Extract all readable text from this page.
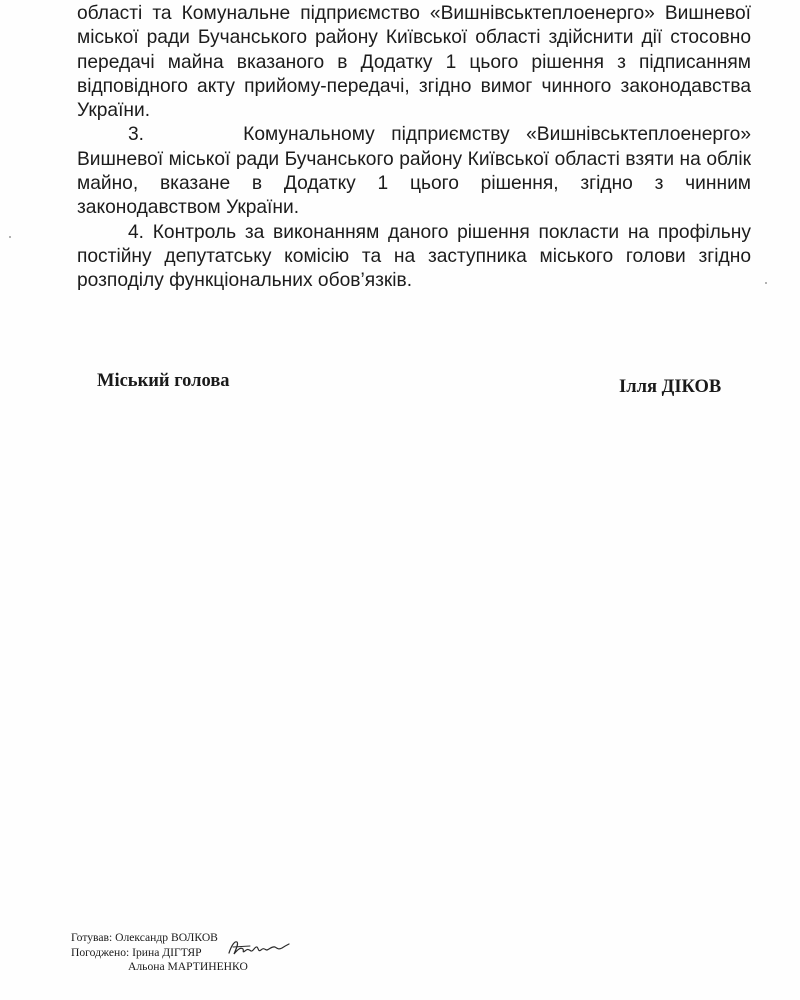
області та Комунальне підприємство «Вишнівськтеплоенерго» Вишневої міської ради Бучанського району Київської області здійснити дії стосовно передачі майна вказаного в Додатку 1 цього рішення з підписанням відповідного акту прийому-передачі, згідно вимог чинного законодавства України.

3.      Комунальному підприємству «Вишнівськтеплоенерго» Вишневої міської ради Бучанського району Київської області взяти на облік майно, вказане в Додатку 1 цього рішення, згідно з чинним законодавством України.

4. Контроль за виконанням даного рішення покласти на профільну постійну депутатську комісію та на заступника міського голови згідно розподілу функціональних обов’язків.

Міський голова	Ілля ДІКОВ
Готував: Олександр ВОЛКОВ
Погоджено: Ірина ДІГТЯР
Альона МАРТИНЕНКО
